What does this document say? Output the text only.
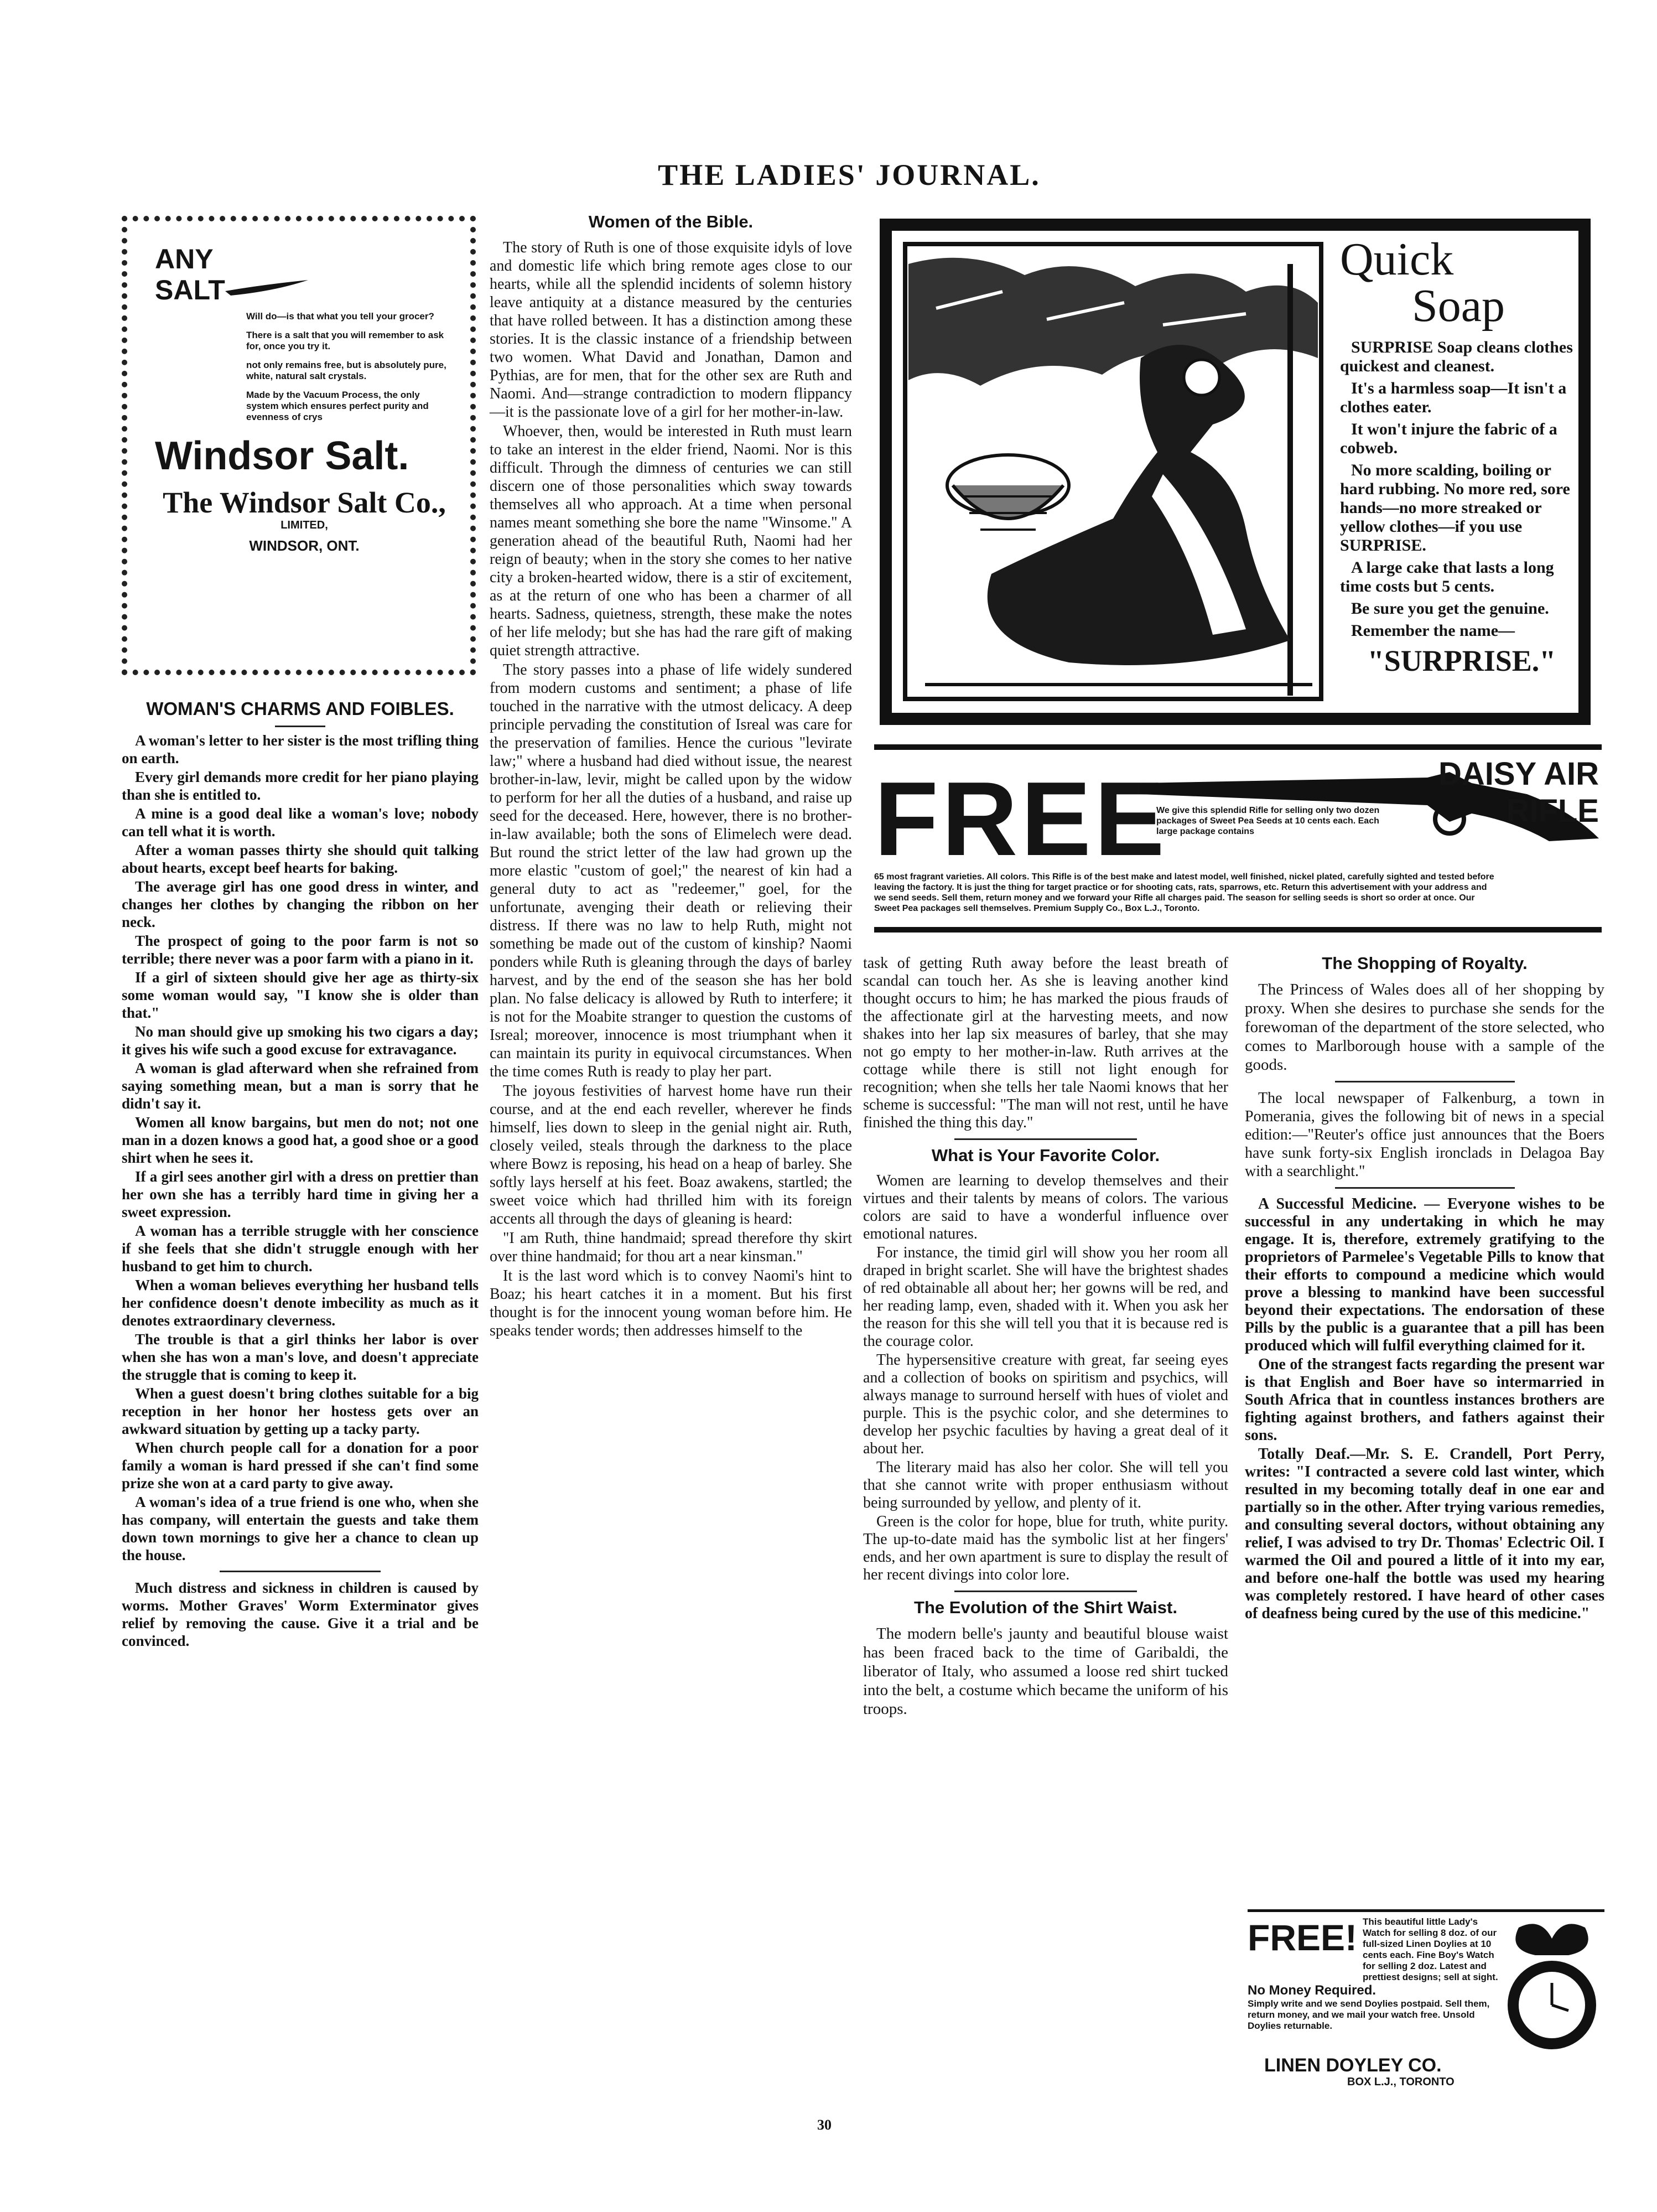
THE LADIES' JOURNAL.
ANY
SALT

Will do—is that what you tell your grocer?

There is a salt that you will remember to ask for, once you try it.

not only remains free, but is absolutely pure, white, natural salt crystals.

Made by the Vacuum Process, the only system which ensures perfect purity and evenness of crys

Windsor Salt.
The Windsor Salt Co.,
LIMITED,
WINDSOR, ONT.
WOMAN'S CHARMS AND FOIBLES.

A woman's letter to her sister is the most trifling thing on earth.

Every girl demands more credit for her piano playing than she is entitled to.

A mine is a good deal like a woman's love; nobody can tell what it is worth.

After a woman passes thirty she should quit talking about hearts, except beef hearts for baking.

The average girl has one good dress in winter, and changes her clothes by changing the ribbon on her neck.

The prospect of going to the poor farm is not so terrible; there never was a poor farm with a piano in it.

If a girl of sixteen should give her age as thirty-six some woman would say, "I know she is older than that."

No man should give up smoking his two cigars a day; it gives his wife such a good excuse for extravagance.

A woman is glad afterward when she refrained from saying something mean, but a man is sorry that he didn't say it.

Women all know bargains, but men do not; not one man in a dozen knows a good hat, a good shoe or a good shirt when he sees it.

If a girl sees another girl with a dress on prettier than her own she has a terribly hard time in giving her a sweet expression.

A woman has a terrible struggle with her conscience if she feels that she didn't struggle enough with her husband to get him to church.

When a woman believes everything her husband tells her confidence doesn't denote imbecility as much as it denotes extraordinary cleverness.

The trouble is that a girl thinks her labor is over when she has won a man's love, and doesn't appreciate the struggle that is coming to keep it.

When a guest doesn't bring clothes suitable for a big reception in her honor her hostess gets over an awkward situation by getting up a tacky party.

When church people call for a donation for a poor family a woman is hard pressed if she can't find some prize she won at a card party to give away.

A woman's idea of a true friend is one who, when she has company, will entertain the guests and take them down town mornings to give her a chance to clean up the house.

Much distress and sickness in children is caused by worms. Mother Graves' Worm Exterminator gives relief by removing the cause. Give it a trial and be convinced.

Women of the Bible.

The story of Ruth is one of those exquisite idyls of love and domestic life which bring remote ages close to our hearts, while all the splendid incidents of solemn history leave antiquity at a distance measured by the centuries that have rolled between. It has a distinction among these stories. It is the classic instance of a friendship between two women. What David and Jonathan, Damon and Pythias, are for men, that for the other sex are Ruth and Naomi. And—strange contradiction to modern flippancy—it is the passionate love of a girl for her mother-in-law.

Whoever, then, would be interested in Ruth must learn to take an interest in the elder friend, Naomi. Nor is this difficult. Through the dimness of centuries we can still discern one of those personalities which sway towards themselves all who approach. At a time when personal names meant something she bore the name "Winsome." A generation ahead of the beautiful Ruth, Naomi had her reign of beauty; when in the story she comes to her native city a broken-hearted widow, there is a stir of excitement, as at the return of one who has been a charmer of all hearts. Sadness, quietness, strength, these make the notes of her life melody; but she has had the rare gift of making quiet strength attractive.

The story passes into a phase of life widely sundered from modern customs and sentiment; a phase of life touched in the narrative with the utmost delicacy. A deep principle pervading the constitution of Isreal was care for the preservation of families. Hence the curious "levirate law;" where a husband had died without issue, the nearest brother-in-law, levir, might be called upon by the widow to perform for her all the duties of a husband, and raise up seed for the deceased. Here, however, there is no brother-in-law available; both the sons of Elimelech were dead. But round the strict letter of the law had grown up the more elastic "custom of goel;" the nearest of kin had a general duty to act as "redeemer," goel, for the unfortunate, avenging their death or relieving their distress. If there was no law to help Ruth, might not something be made out of the custom of kinship? Naomi ponders while Ruth is gleaning through the days of barley harvest, and by the end of the season she has her bold plan. No false delicacy is allowed by Ruth to interfere; it is not for the Moabite stranger to question the customs of Isreal; moreover, innocence is most triumphant when it can maintain its purity in equivocal circumstances. When the time comes Ruth is ready to play her part.

The joyous festivities of harvest home have run their course, and at the end each reveller, wherever he finds himself, lies down to sleep in the genial night air. Ruth, closely veiled, steals through the darkness to the place where Bowz is reposing, his head on a heap of barley. She softly lays herself at his feet. Boaz awakens, startled; the sweet voice which had thrilled him with its foreign accents all through the days of gleaning is heard:

"I am Ruth, thine handmaid; spread therefore thy skirt over thine handmaid; for thou art a near kinsman."

It is the last word which is to convey Naomi's hint to Boaz; his heart catches it in a moment. But his first thought is for the innocent young woman before him. He speaks tender words; then addresses himself to the

Quick
Soap

SURPRISE Soap cleans clothes quickest and cleanest.

It's a harmless soap—It isn't a clothes eater.

It won't injure the fabric of a cobweb.

No more scalding, boiling or hard rubbing. No more red, sore hands—no more streaked or yellow clothes—if you use SURPRISE.

A large cake that lasts a long time costs but 5 cents.

Be sure you get the genuine.

Remember the name—

"SURPRISE."
FREE	DAISY AIR RIFLE
We give this splendid Rifle for selling only two dozen packages of Sweet Pea Seeds at 10 cents each. Each large package contains
65 most fragrant varieties. All colors. This Rifle is of the best make and latest model, well finished, nickel plated, carefully sighted and tested before leaving the factory. It is just the thing for target practice or for shooting cats, rats, sparrows, etc. Return this advertisement with your address and we send seeds. Sell them, return money and we forward your Rifle all charges paid. The season for selling seeds is short so order at once. Our Sweet Pea packages sell themselves. Premium Supply Co., Box L.J., Toronto.

task of getting Ruth away before the least breath of scandal can touch her. As she is leaving another kind thought occurs to him; he has marked the pious frauds of the affectionate girl at the harvesting meets, and now shakes into her lap six measures of barley, that she may not go empty to her mother-in-law. Ruth arrives at the cottage while there is still not light enough for recognition; when she tells her tale Naomi knows that her scheme is successful: "The man will not rest, until he have finished the thing this day."

What is Your Favorite Color.

Women are learning to develop themselves and their virtues and their talents by means of colors. The various colors are said to have a wonderful influence over emotional natures.

For instance, the timid girl will show you her room all draped in bright scarlet. She will have the brightest shades of red obtainable all about her; her gowns will be red, and her reading lamp, even, shaded with it. When you ask her the reason for this she will tell you that it is because red is the courage color.

The hypersensitive creature with great, far seeing eyes and a collection of books on spiritism and psychics, will always manage to surround herself with hues of violet and purple. This is the psychic color, and she determines to develop her psychic faculties by having a great deal of it about her.

The literary maid has also her color. She will tell you that she cannot write with proper enthusiasm without being surrounded by yellow, and plenty of it.

Green is the color for hope, blue for truth, white purity. The up-to-date maid has the symbolic list at her fingers' ends, and her own apartment is sure to display the result of her recent divings into color lore.

The Evolution of the Shirt Waist.

The modern belle's jaunty and beautiful blouse waist has been fraced back to the time of Garibaldi, the liberator of Italy, who assumed a loose red shirt tucked into the belt, a costume which became the uniform of his troops.

The Shopping of Royalty.

The Princess of Wales does all of her shopping by proxy. When she desires to purchase she sends for the forewoman of the department of the store selected, who comes to Marlborough house with a sample of the goods.

The local newspaper of Falkenburg, a town in Pomerania, gives the following bit of news in a special edition:—"Reuter's office just announces that the Boers have sunk forty-six English ironclads in Delagoa Bay with a searchlight."

A Successful Medicine. — Everyone wishes to be successful in any undertaking in which he may engage. It is, therefore, extremely gratifying to the proprietors of Parmelee's Vegetable Pills to know that their efforts to compound a medicine which would prove a blessing to mankind have been successful beyond their expectations. The endorsation of these Pills by the public is a guarantee that a pill has been produced which will fulfil everything claimed for it.

One of the strangest facts regarding the present war is that English and Boer have so intermarried in South Africa that in countless instances brothers are fighting against brothers, and fathers against their sons.

Totally Deaf.—Mr. S. E. Crandell, Port Perry, writes: "I contracted a severe cold last winter, which resulted in my becoming totally deaf in one ear and partially so in the other. After trying various remedies, and consulting several doctors, without obtaining any relief, I was advised to try Dr. Thomas' Eclectric Oil. I warmed the Oil and poured a little of it into my ear, and before one-half the bottle was used my hearing was completely restored. I have heard of other cases of deafness being cured by the use of this medicine."

FREE! This beautiful little Lady's Watch for selling 8 doz. of our full-sized Linen Doylies at 10 cents each. Fine Boy's Watch for selling 2 doz. Latest and prettiest designs; sell at sight.
No Money Required.
Simply write and we send Doylies postpaid. Sell them, return money, and we mail your watch free. Unsold Doylies returnable.
LINEN DOYLEY CO.
BOX L.J., TORONTO
30
